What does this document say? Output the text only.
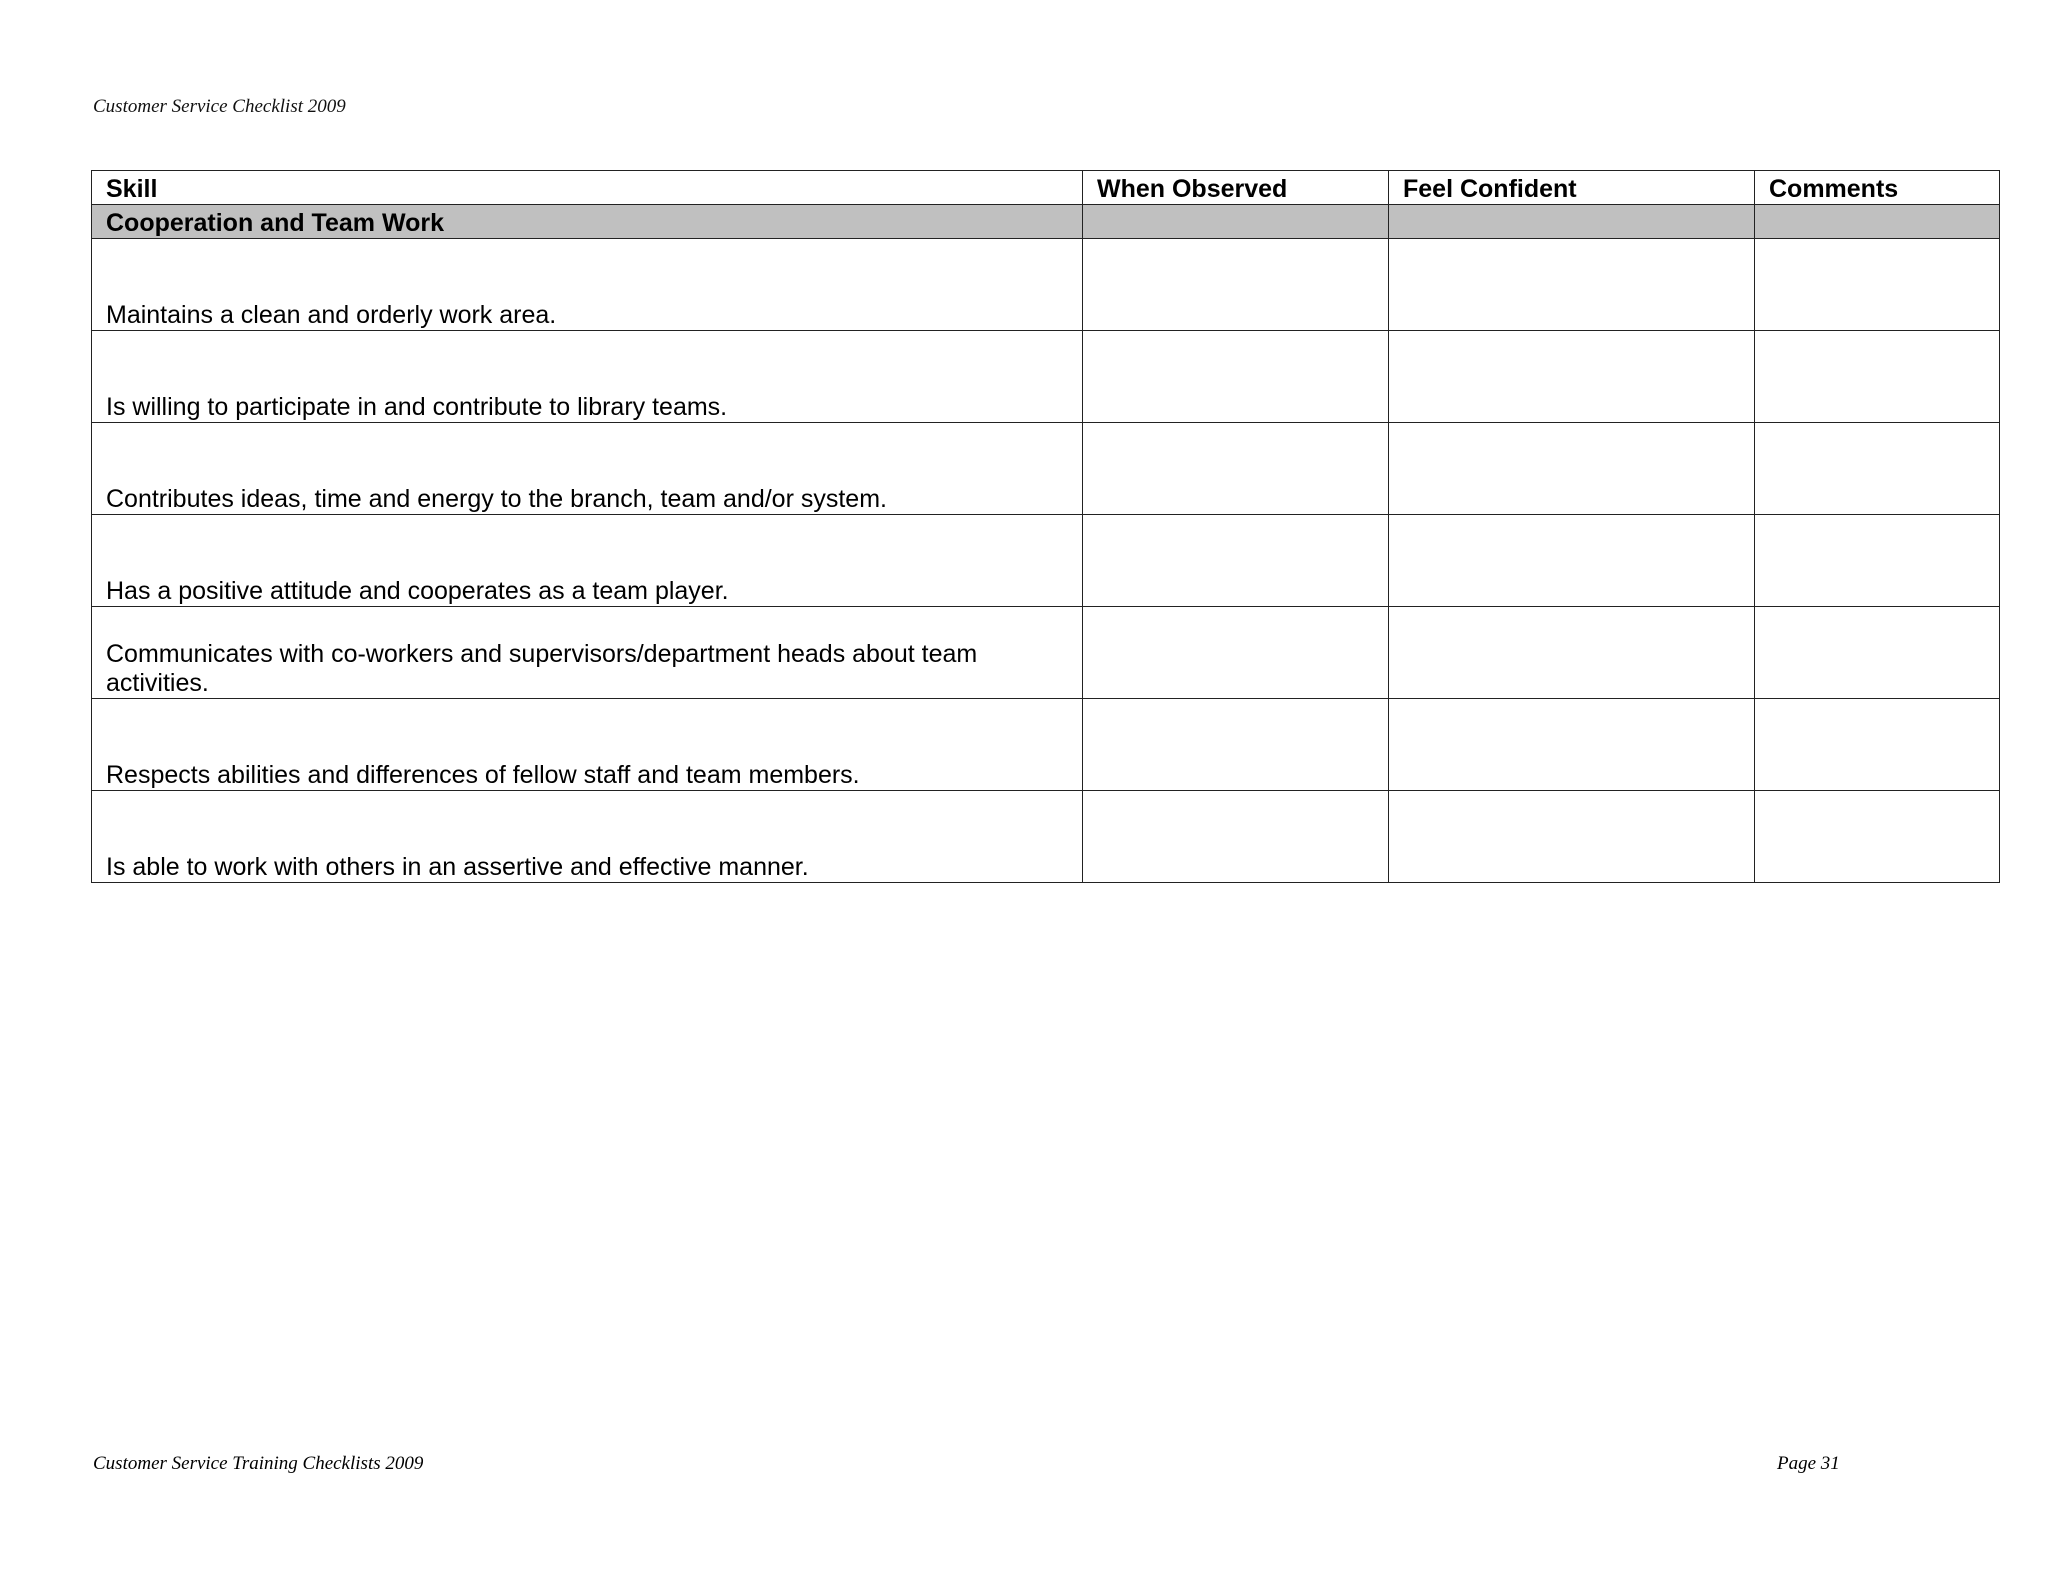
Customer Service Checklist 2009
Skill	When Observed	Feel Confident	Comments
Cooperation and Team Work			
Maintains a clean and orderly work area.			
Is willing to participate in and contribute to library teams.			
Contributes ideas, time and energy to the branch, team and/or system.			
Has a positive attitude and cooperates as a team player.			
Communicates with co-workers and supervisors/department heads about team activities.			
Respects abilities and differences of fellow staff and team members.			
Is able to work with others in an assertive and effective manner.			
Customer Service Training Checklists 2009	Page 31
